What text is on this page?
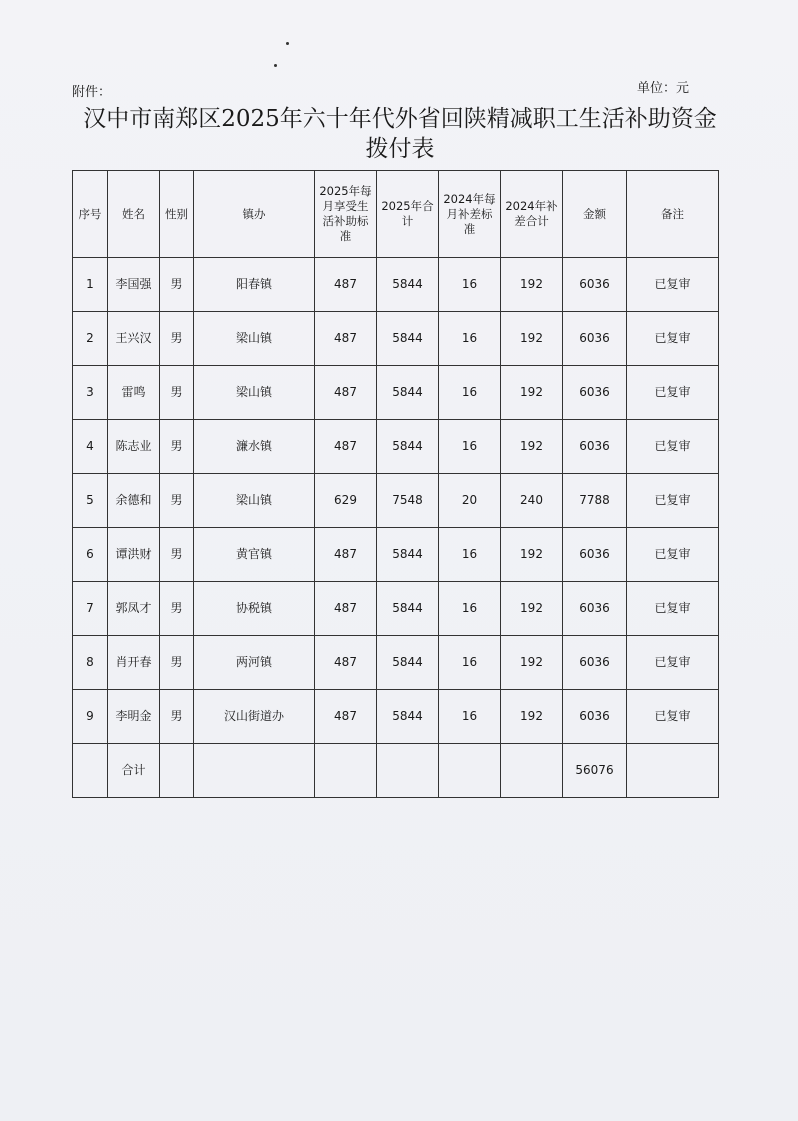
附件：	单位：元
汉中市南郑区2025年六十年代外省回陕精减职工生活补助资金
拨付表
序号	姓名	性别	镇办	2025年每月享受生活补助标准	2025年合计	2024年每月补差标准	2024年补差合计	金额	备注
1	李国强	男	阳春镇	487	5844	16	192	6036	已复审
2	王兴汉	男	梁山镇	487	5844	16	192	6036	已复审
3	雷鸣	男	梁山镇	487	5844	16	192	6036	已复审
4	陈志业	男	濂水镇	487	5844	16	192	6036	已复审
5	余德和	男	梁山镇	629	7548	20	240	7788	已复审
6	谭洪财	男	黄官镇	487	5844	16	192	6036	已复审
7	郭凤才	男	协税镇	487	5844	16	192	6036	已复审
8	肖开春	男	两河镇	487	5844	16	192	6036	已复审
9	李明金	男	汉山街道办	487	5844	16	192	6036	已复审
	合计							56076	
